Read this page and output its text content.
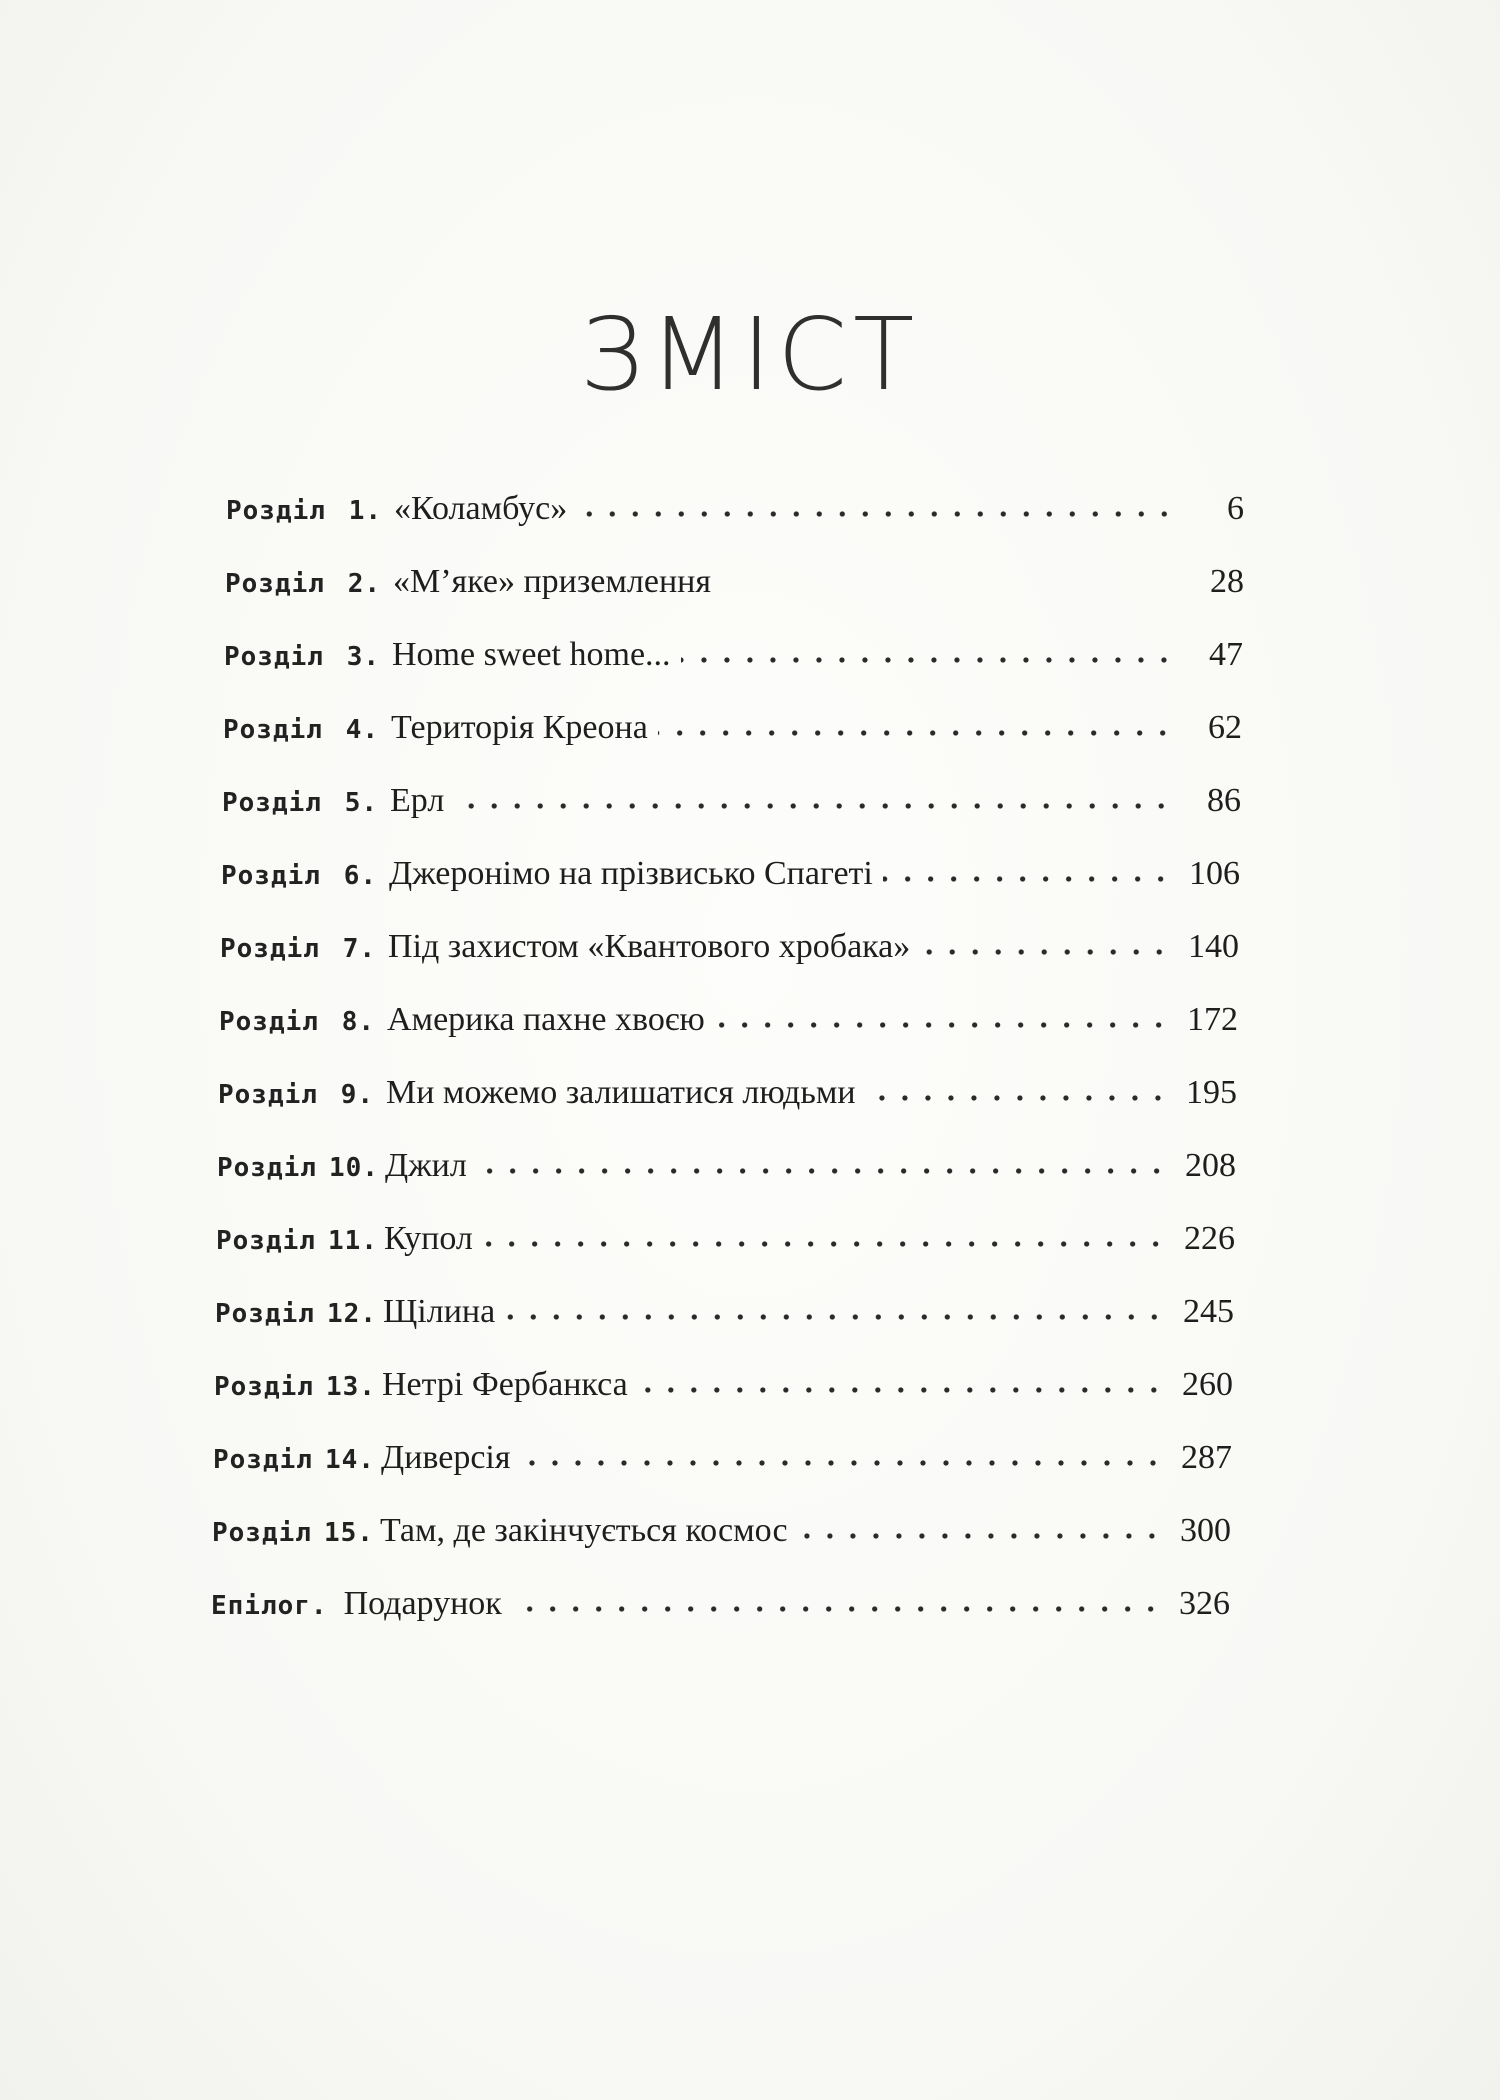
ЗМІСТ
Розділ 1. «Коламбус»	6
Розділ 2. «М’яке» приземлення	28
Розділ 3. Home sweet home...	47
Розділ 4. Територія Креона	62
Розділ 5. Ерл	86
Розділ 6. Джеронімо на прізвисько Спагеті	106
Розділ 7. Під захистом «Квантового хробака»	140
Розділ 8. Америка пахне хвоєю	172
Розділ 9. Ми можемо залишатися людьми	195
Розділ 10. Джил	208
Розділ 11. Купол	226
Розділ 12. Щілина	245
Розділ 13. Нетрі Фербанкса	260
Розділ 14. Диверсія	287
Розділ 15. Там, де закінчується космос	300
Епілог. Подарунок	326
